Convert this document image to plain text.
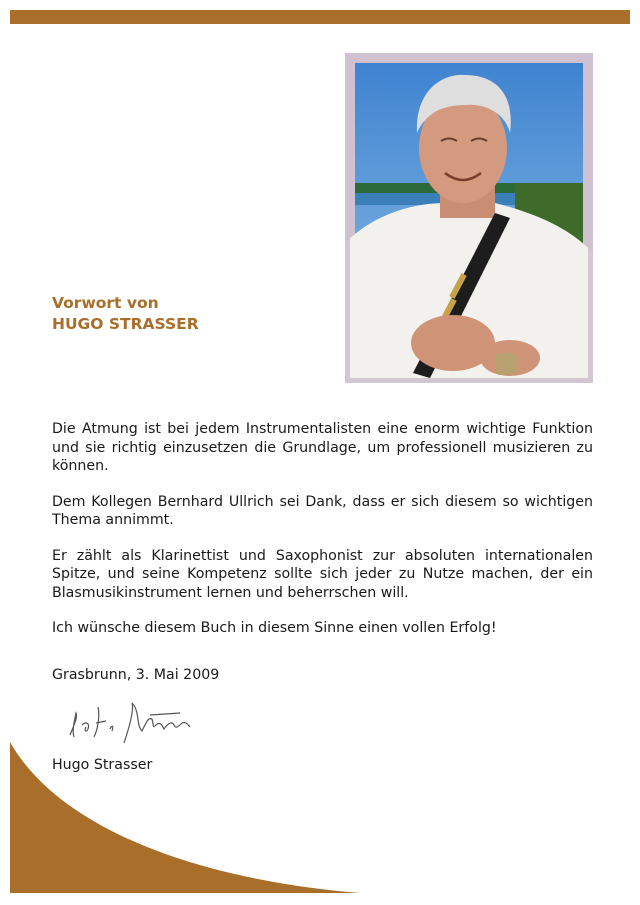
Vorwort von
HUGO STRASSER

Die Atmung ist bei jedem Instrumentalisten eine enorm wichtige Funktion und sie richtig einzusetzen die Grundlage, um professionell musizieren zu können.

Dem Kollegen Bernhard Ullrich sei Dank, dass er sich diesem so wichtigen Thema annimmt.

Er zählt als Klarinettist und Saxophonist zur absoluten internationalen Spitze, und seine Kompetenz sollte sich jeder zu Nutze machen, der ein Blasmusikinstrument lernen und beherrschen will.

Ich wünsche diesem Buch in diesem Sinne einen vollen Erfolg!

Grasbrunn, 3. Mai 2009
Hugo Strasser
